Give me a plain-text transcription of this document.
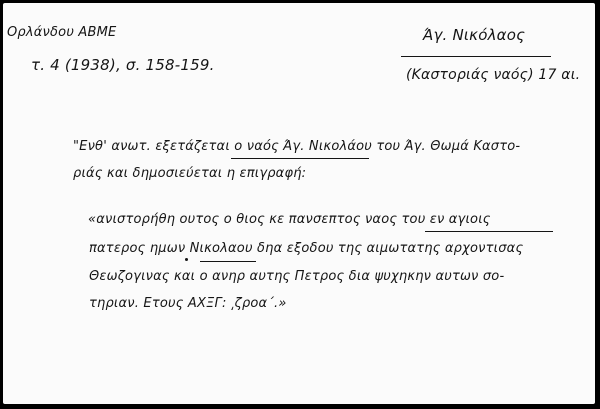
Ορλάνδου ΑΒΜΕ
τ. 4 (1938), σ. 158-159.
Άγ. Νικόλαος
(Καστοριάς ναός) 17 αι.
"Ενθ' ανωτ. εξετάζεται ο ναός Άγ. Νικολάου του Άγ. Θωμά Καστο-
ριάς και δημοσιεύεται η επιγραφή:
«ανιστορήθη ουτος ο θιος κε πανσεπτος ναος του εν αγιοις
πατερος ημων Νικολαου δηα εξοδου της αιμωτατης αρχοντισας
Θεωζογινας και ο ανηρ αυτης Πετρος δια ψυχηκην αυτων σο-
τηριαν. Ετους ΑΧΞΓ: ͵ζροα΄.»
